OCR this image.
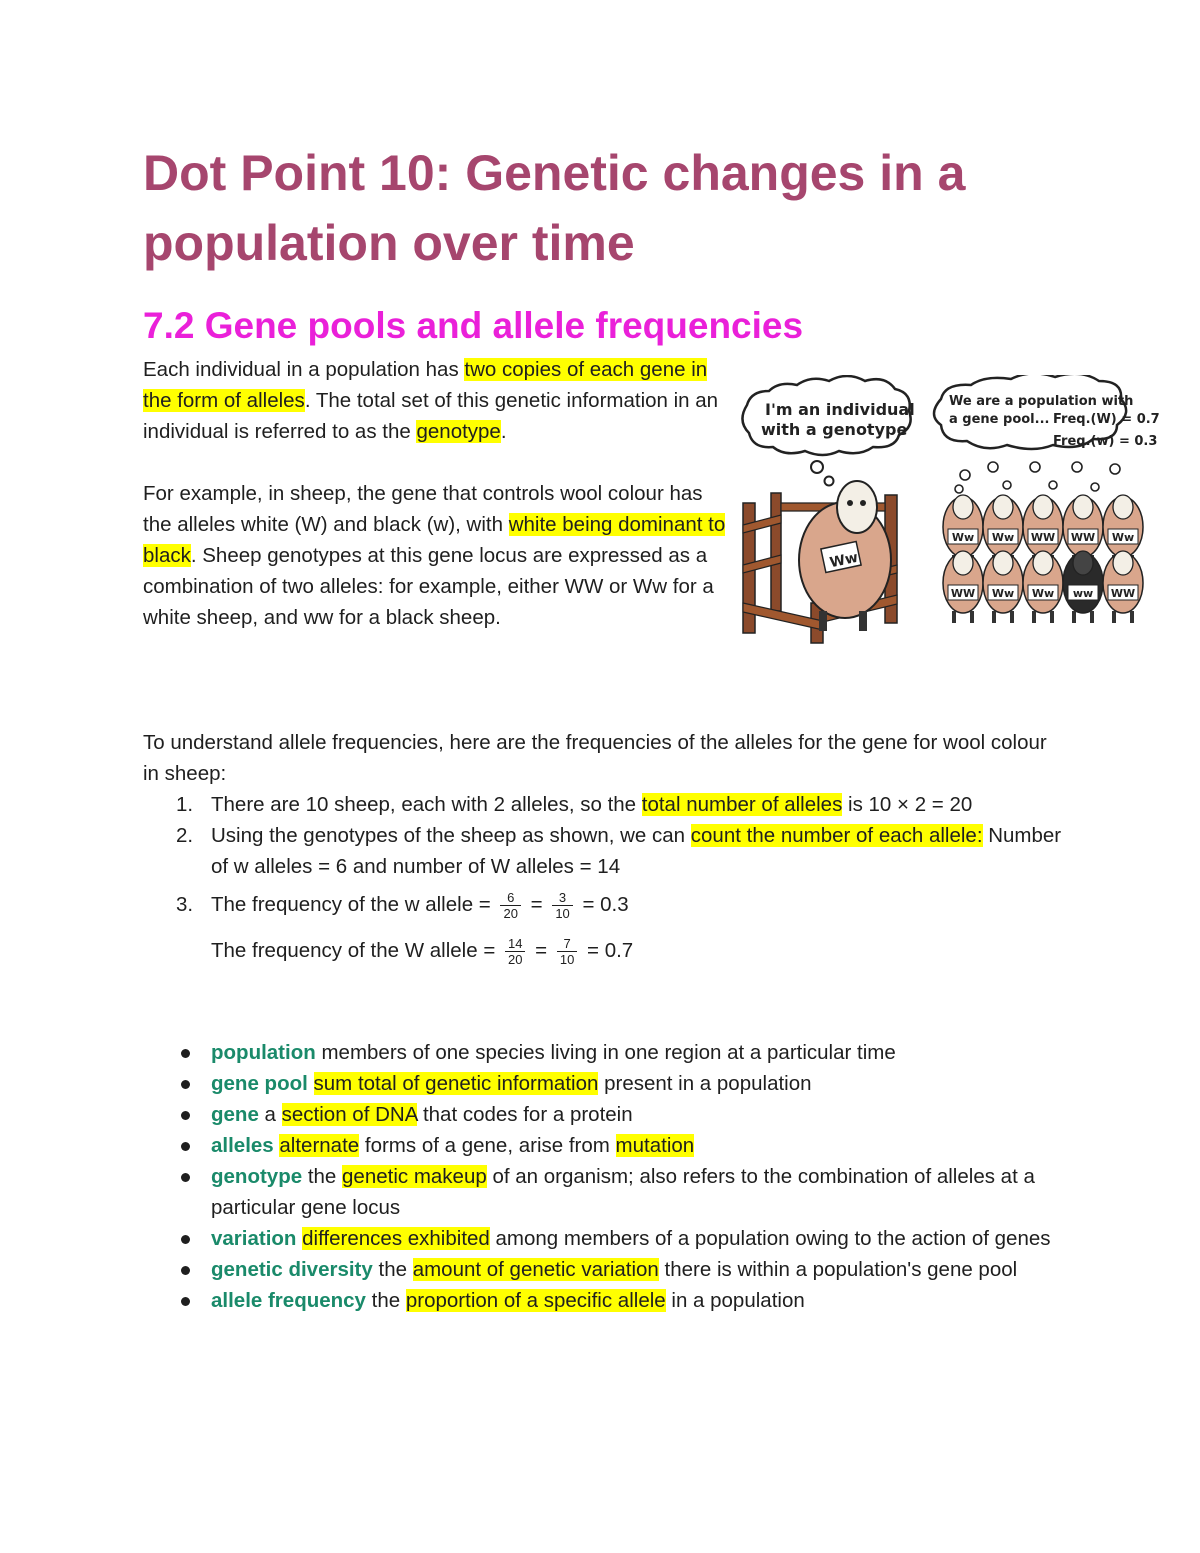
Dot Point 10: Genetic changes in a population over time
7.2 Gene pools and allele frequencies

Each individual in a population has two copies of each gene in the form of alleles. The total set of this genetic information in an individual is referred to as the genotype.

For example, in sheep, the gene that controls wool colour has the alleles white (W) and black (w), with white being dominant to black. Sheep genotypes at this gene locus are expressed as a combination of two alleles: for example, either WW or Ww for a white sheep, and ww for a black sheep.

I'm an individual
with a genotype
Ww
We are a population with
a gene pool... Freq.(W) = 0.7
Freq.(w) = 0.3
Ww Ww WW WW Ww
WW Ww Ww ww WW

To understand allele frequencies, here are the frequencies of the alleles for the gene for wool colour in sheep:

1. There are 10 sheep, each with 2 alleles, so the total number of alleles is 10 × 2 = 20
2. Using the genotypes of the sheep as shown, we can count the number of each allele: Number of w alleles = 6 and number of W alleles = 14
3. The frequency of the w allele = $\frac{6}{20} = \frac{3}{10} = 0.3$
The frequency of the W allele = $\frac{14}{20} = \frac{7}{10} = 0.7$
population members of one species living in one region at a particular time
gene pool sum total of genetic information present in a population
gene a section of DNA that codes for a protein
alleles alternate forms of a gene, arise from mutation
genotype the genetic makeup of an organism; also refers to the combination of alleles at a particular gene locus
variation differences exhibited among members of a population owing to the action of genes
genetic diversity the amount of genetic variation there is within a population's gene pool
allele frequency the proportion of a specific allele in a population
